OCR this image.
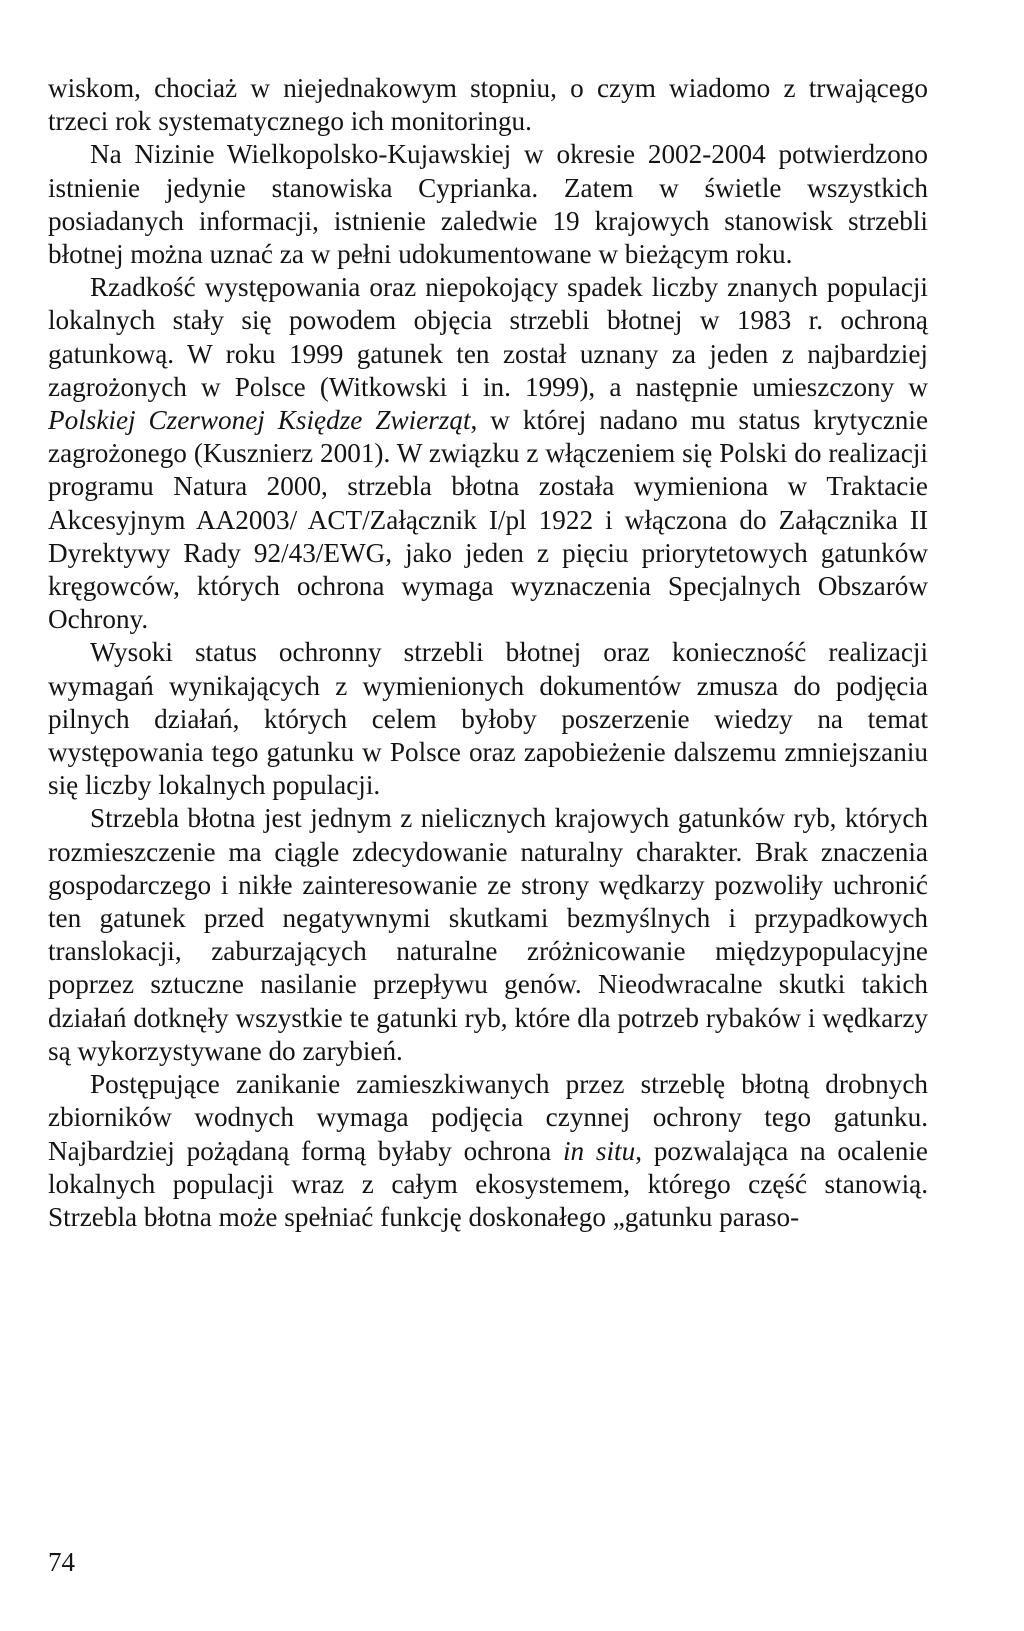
wiskom, chociaż w niejednakowym stopniu, o czym wiadomo z trwającego trzeci rok systematycznego ich monitoringu.

Na Nizinie Wielkopolsko-Kujawskiej w okresie 2002-2004 potwierdzono istnienie jedynie stanowiska Cyprianka. Zatem w świetle wszystkich posiadanych informacji, istnienie zaledwie 19 krajowych stanowisk strzebli błotnej można uznać za w pełni udokumentowane w bieżącym roku.

Rzadkość występowania oraz niepokojący spadek liczby znanych populacji lokalnych stały się powodem objęcia strzebli błotnej w 1983 r. ochroną gatunkową. W roku 1999 gatunek ten został uznany za jeden z najbardziej zagrożonych w Polsce (Witkowski i in. 1999), a następnie umieszczony w Polskiej Czerwonej Księdze Zwierząt, w której nadano mu status krytycznie zagrożonego (Kusznierz 2001). W związku z włączeniem się Polski do realizacji programu Natura 2000, strzebla błotna została wymieniona w Traktacie Akcesyjnym AA2003/ ACT/Załącznik I/pl 1922 i włączona do Załącznika II Dyrektywy Rady 92/43/EWG, jako jeden z pięciu priorytetowych gatunków kręgowców, których ochrona wymaga wyznaczenia Specjalnych Obszarów Ochrony.

Wysoki status ochronny strzebli błotnej oraz konieczność realizacji wymagań wynikających z wymienionych dokumentów zmusza do podjęcia pilnych działań, których celem byłoby poszerzenie wiedzy na temat występowania tego gatunku w Polsce oraz zapobieżenie dalszemu zmniejszaniu się liczby lokalnych populacji.

Strzebla błotna jest jednym z nielicznych krajowych gatunków ryb, których rozmieszczenie ma ciągle zdecydowanie naturalny charakter. Brak znaczenia gospodarczego i nikłe zainteresowanie ze strony wędkarzy pozwoliły uchronić ten gatunek przed negatywnymi skutkami bezmyślnych i przypadkowych translokacji, zaburzających naturalne zróżnicowanie międzypopulacyjne poprzez sztuczne nasilanie przepływu genów. Nieodwracalne skutki takich działań dotknęły wszystkie te gatunki ryb, które dla potrzeb rybaków i wędkarzy są wykorzystywane do zarybień.

Postępujące zanikanie zamieszkiwanych przez strzeblę błotną drobnych zbiorników wodnych wymaga podjęcia czynnej ochrony tego gatunku. Najbardziej pożądaną formą byłaby ochrona in situ, pozwalająca na ocalenie lokalnych populacji wraz z całym ekosystemem, którego część stanowią. Strzebla błotna może spełniać funkcję doskonałego „gatunku paraso-

74
